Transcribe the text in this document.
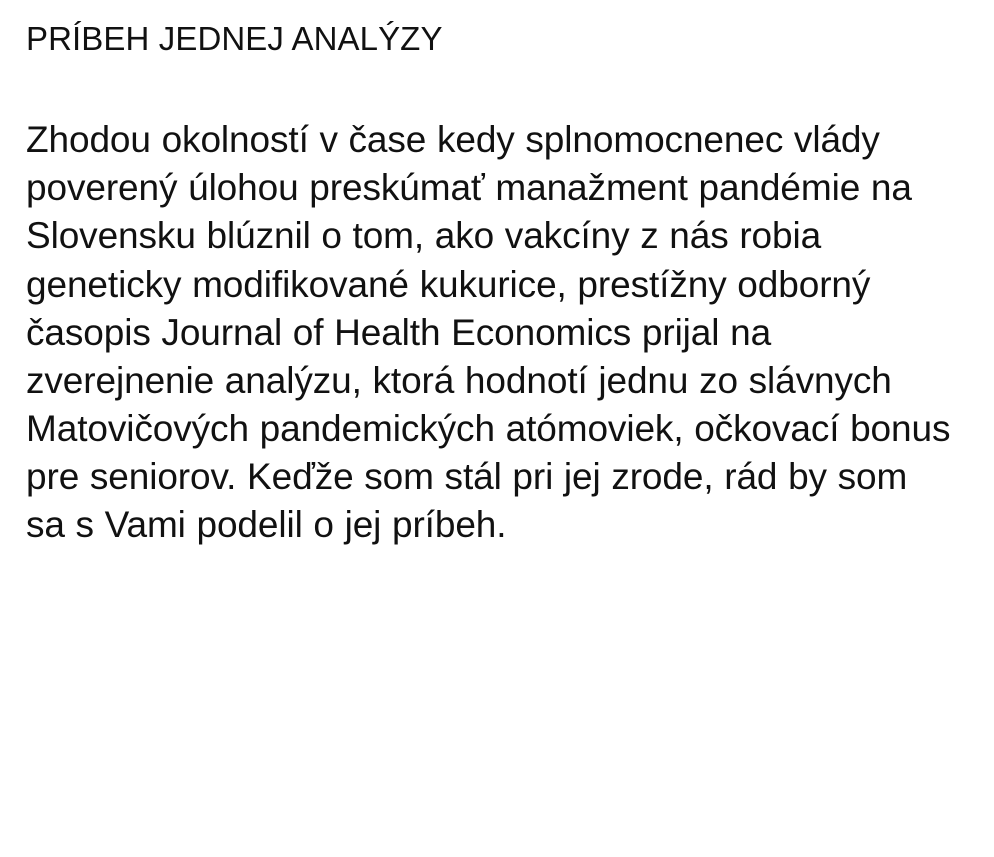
PRÍBEH JEDNEJ ANALÝZY

Zhodou okolností v čase kedy splnomocnenec vlády poverený úlohou preskúmať manažment pandémie na Slovensku blúznil o tom, ako vakcíny z nás robia geneticky modifikované kukurice, prestížny odborný časopis Journal of Health Economics prijal na zverejnenie analýzu, ktorá hodnotí jednu zo slávnych Matovičových pandemických atómoviek, očkovací bonus pre seniorov. Keďže som stál pri jej zrode, rád by som sa s Vami podelil o jej príbeh.
